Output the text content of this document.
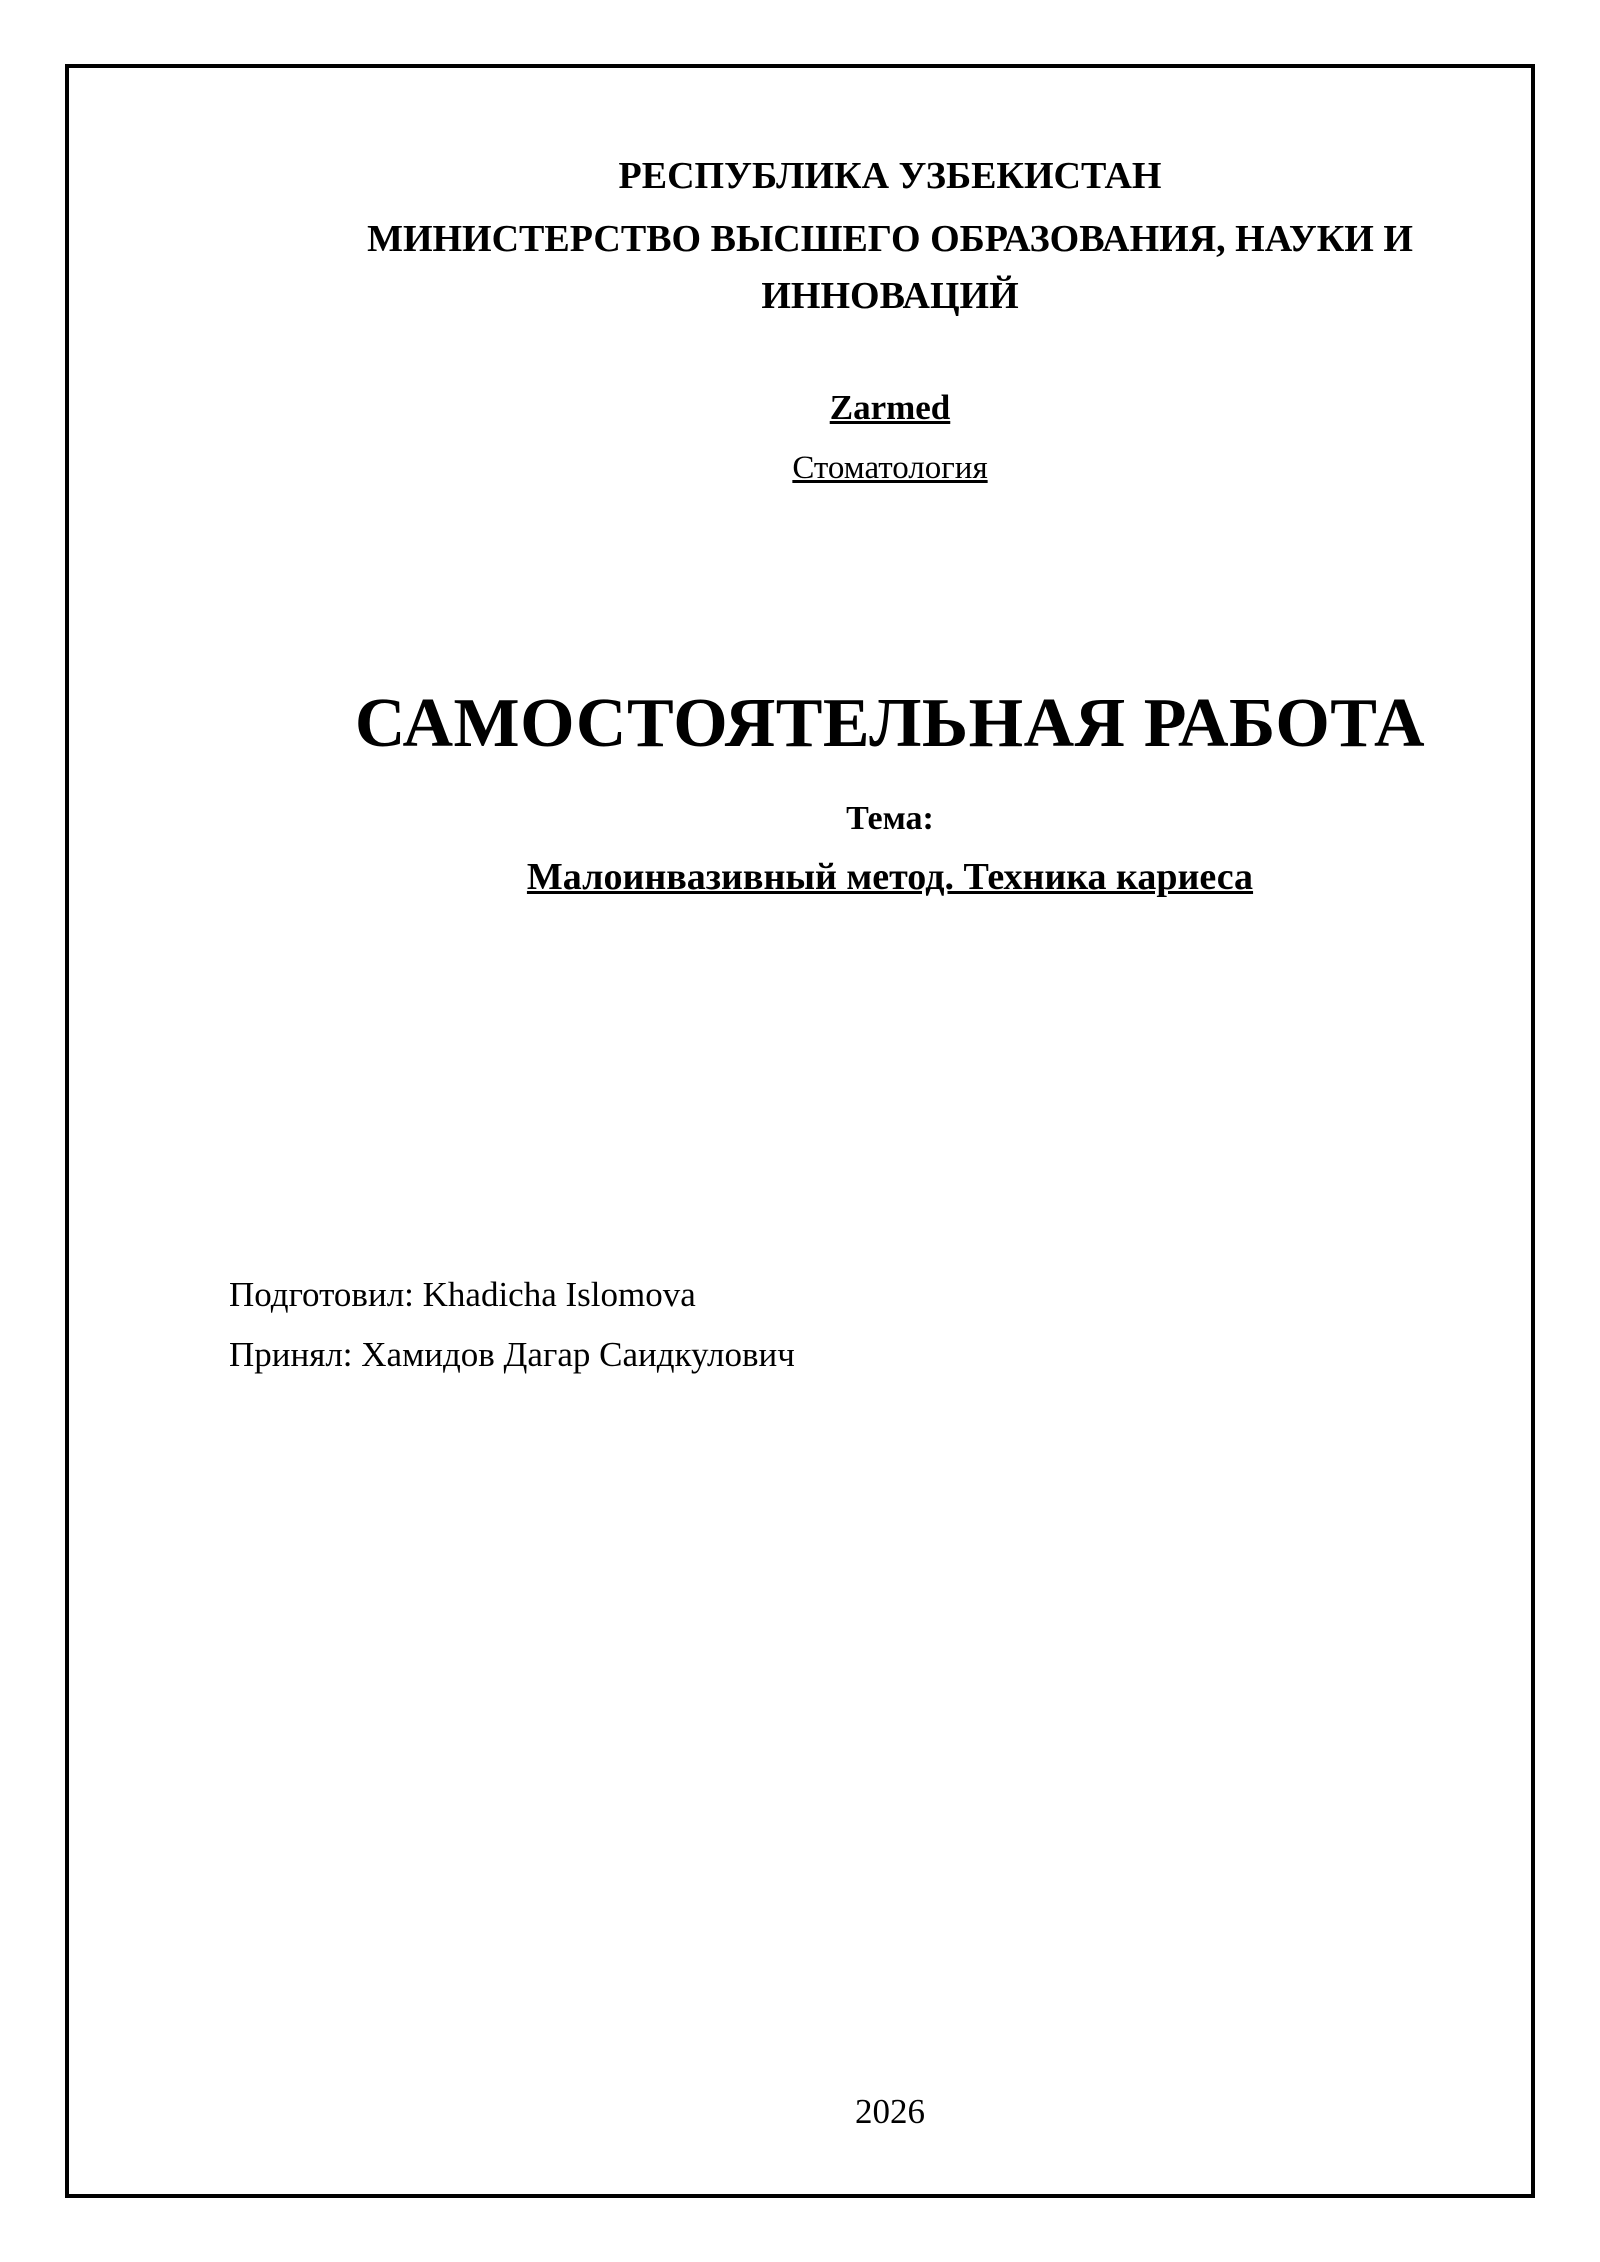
РЕСПУБЛИКА УЗБЕКИСТАН
МИНИСТЕРСТВО ВЫСШЕГО ОБРАЗОВАНИЯ, НАУКИ И
ИННОВАЦИЙ
Zarmed
Стоматология
САМОСТОЯТЕЛЬНАЯ РАБОТА
Тема:
Малоинвазивный метод. Техника кариеса
Подготовил: Khadicha Islomova
Принял: Хамидов Дагар Саидкулович
2026
